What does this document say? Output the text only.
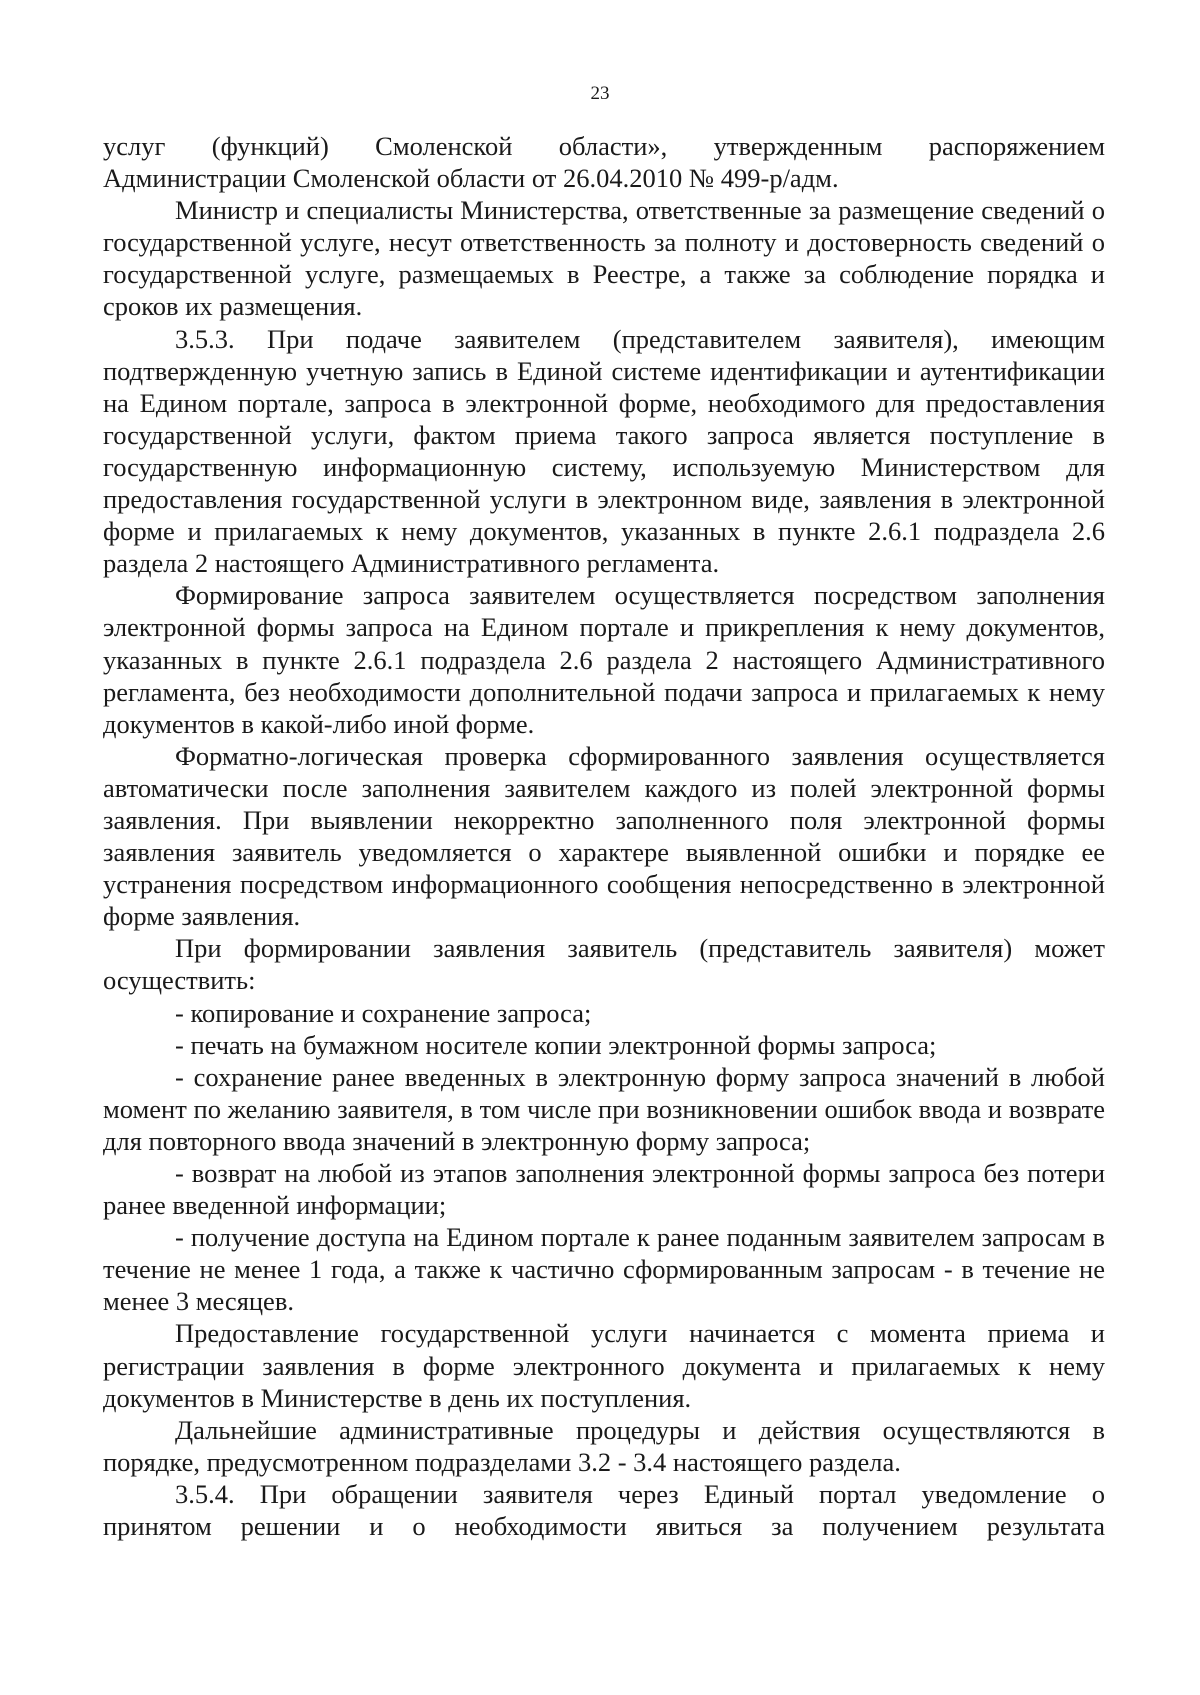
23

услуг (функций) Смоленской области», утвержденным распоряжением
Администрации Смоленской области от 26.04.2010 № 499-р/адм.

Министр и специалисты Министерства, ответственные за размещение сведений о государственной услуге, несут ответственность за полноту и достоверность сведений о государственной услуге, размещаемых в Реестре, а также за соблюдение порядка и сроков их размещения.

3.5.3. При подаче заявителем (представителем заявителя), имеющим подтвержденную учетную запись в Единой системе идентификации и аутентификации на Едином портале, запроса в электронной форме, необходимого для предоставления государственной услуги, фактом приема такого запроса является поступление в государственную информационную систему, используемую Министерством для предоставления государственной услуги в электронном виде, заявления в электронной форме и прилагаемых к нему документов, указанных в пункте 2.6.1 подраздела 2.6 раздела 2 настоящего Административного регламента.

Формирование запроса заявителем осуществляется посредством заполнения электронной формы запроса на Едином портале и прикрепления к нему документов, указанных в пункте 2.6.1 подраздела 2.6 раздела 2 настоящего Административного регламента, без необходимости дополнительной подачи запроса и прилагаемых к нему документов в какой-либо иной форме.

Форматно-логическая проверка сформированного заявления осуществляется автоматически после заполнения заявителем каждого из полей электронной формы заявления. При выявлении некорректно заполненного поля электронной формы заявления заявитель уведомляется о характере выявленной ошибки и порядке ее устранения посредством информационного сообщения непосредственно в электронной форме заявления.

При формировании заявления заявитель (представитель заявителя) может осуществить:

- копирование и сохранение запроса;

- печать на бумажном носителе копии электронной формы запроса;

- сохранение ранее введенных в электронную форму запроса значений в любой момент по желанию заявителя, в том числе при возникновении ошибок ввода и возврате для повторного ввода значений в электронную форму запроса;

- возврат на любой из этапов заполнения электронной формы запроса без потери ранее введенной информации;

- получение доступа на Едином портале к ранее поданным заявителем запросам в течение не менее 1 года, а также к частично сформированным запросам - в течение не менее 3 месяцев.

Предоставление государственной услуги начинается с момента приема и регистрации заявления в форме электронного документа и прилагаемых к нему документов в Министерстве в день их поступления.

Дальнейшие административные процедуры и действия осуществляются в порядке, предусмотренном подразделами 3.2 - 3.4 настоящего раздела.

3.5.4. При обращении заявителя через Единый портал уведомление о
принятом решении и о необходимости явиться за получением результата
